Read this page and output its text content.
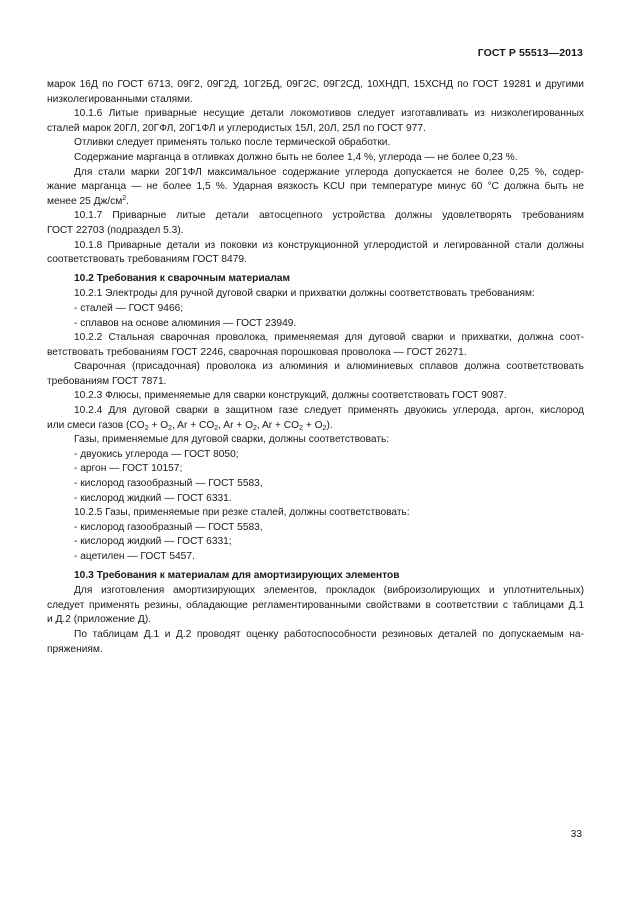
ГОСТ Р 55513—2013

марок 16Д по ГОСТ 6713, 09Г2, 09Г2Д, 10Г2БД, 09Г2С, 09Г2СД, 10ХНДП, 15ХСНД по ГОСТ 19281 и другими

низколегированными сталями.

10.1.6 Литые приварные несущие детали локомотивов следует изготавливать из низколегированных

сталей марок 20ГЛ, 20ГФЛ, 20Г1ФЛ и углеродистых 15Л, 20Л, 25Л по ГОСТ 977.

Отливки следует применять только после термической обработки.

Содержание марганца в отливках должно быть не более 1,4 %, углерода — не более 0,23 %.

Для стали марки 20Г1ФЛ максимальное содержание углерода допускается не более 0,25 %, содер-

жание марганца — не более 1,5 %. Ударная вязкость KCU при температуре минус 60 °С должна быть не

менее 25 $Дж/см^2$.

10.1.7 Приварные литые детали автосцепного устройства должны удовлетворять требованиям

ГОСТ 22703 (подраздел 5.3).

10.1.8 Приварные детали из поковки из конструкционной углеродистой и легированной стали должны

соответствовать требованиям ГОСТ 8479.

10.2 Требования к сварочным материалам

10.2.1 Электроды для ручной дуговой сварки и прихватки должны соответствовать требованиям:

- сталей — ГОСТ 9466;

- сплавов на основе алюминия — ГОСТ 23949.

10.2.2 Стальная сварочная проволока, применяемая для дуговой сварки и прихватки, должна соот-

ветствовать требованиям ГОСТ 2246, сварочная порошковая проволока — ГОСТ 26271.

Сварочная (присадочная) проволока из алюминия и алюминиевых сплавов должна соответствовать

требованиям ГОСТ 7871.

10.2.3 Флюсы, применяемые для сварки конструкций, должны соответствовать ГОСТ 9087.

10.2.4 Для дуговой сварки в защитном газе следует применять двуокись углерода, аргон, кислород

или смеси газов ($CO_2 + O_2$, $Ar + CO_2$, $Ar + O_2$, $Ar + CO_2 + O_2$).

Газы, применяемые для дуговой сварки, должны соответствовать:

- двуокись углерода — ГОСТ 8050;

- аргон — ГОСТ 10157;

- кислород газообразный — ГОСТ 5583,

- кислород жидкий — ГОСТ 6331.

10.2.5 Газы, применяемые при резке сталей, должны соответствовать:

- кислород газообразный — ГОСТ 5583,

- кислород жидкий — ГОСТ 6331;

- ацетилен — ГОСТ 5457.

10.3 Требования к материалам для амортизирующих элементов

Для изготовления амортизирующих элементов, прокладок (виброизолирующих и уплотнительных)

следует применять резины, обладающие регламентированными свойствами в соответствии с таблицами Д.1

и Д.2 (приложение Д).

По таблицам Д.1 и Д.2 проводят оценку работоспособности резиновых деталей по допускаемым на-

пряжениям.

33
